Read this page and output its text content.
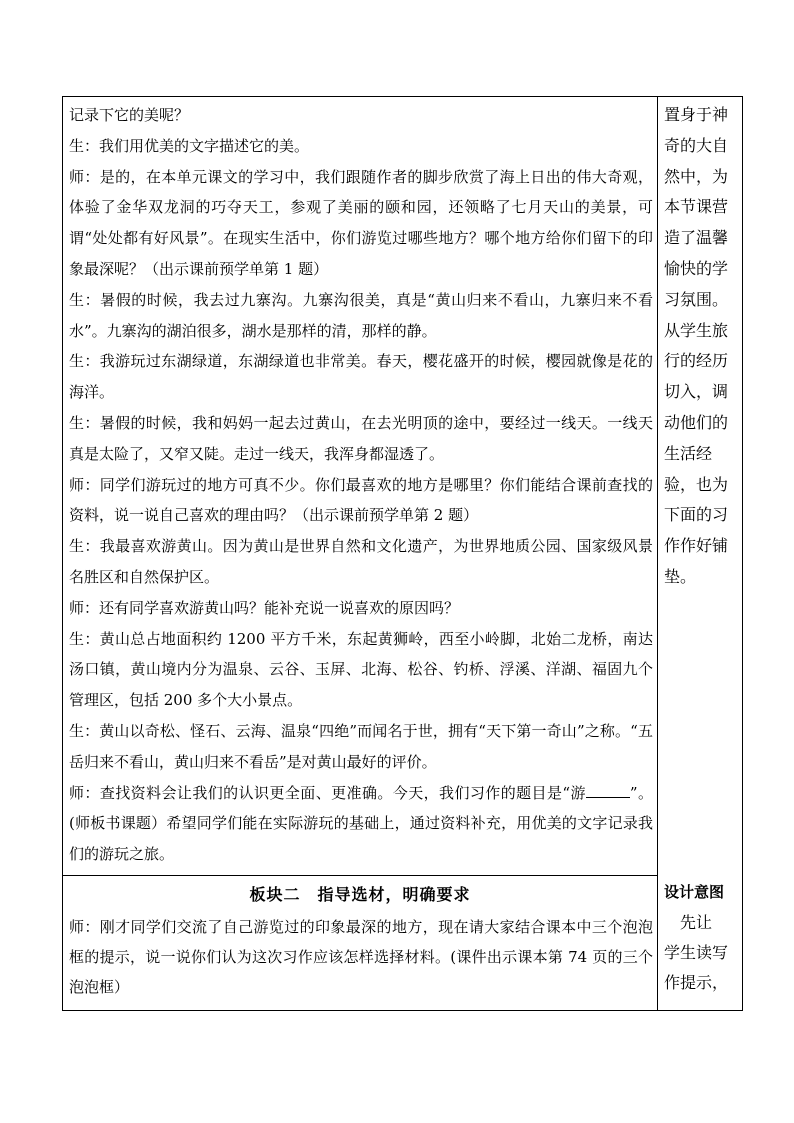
记录下它的美呢？

生：我们用优美的文字描述它的美。

师：是的，在本单元课文的学习中，我们跟随作者的脚步欣赏了海上日出的伟大奇观，体验了金华双龙洞的巧夺天工，参观了美丽的颐和园，还领略了七月天山的美景，可谓“处处都有好风景”。在现实生活中，你们游览过哪些地方？哪个地方给你们留下的印象最深呢？（出示课前预学单第 1 题）

生：暑假的时候，我去过九寨沟。九寨沟很美，真是“黄山归来不看山，九寨归来不看水”。九寨沟的湖泊很多，湖水是那样的清，那样的静。

生：我游玩过东湖绿道，东湖绿道也非常美。春天，樱花盛开的时候，樱园就像是花的海洋。

生：暑假的时候，我和妈妈一起去过黄山，在去光明顶的途中，要经过一线天。一线天真是太险了，又窄又陡。走过一线天，我浑身都湿透了。

师：同学们游玩过的地方可真不少。你们最喜欢的地方是哪里？你们能结合课前查找的资料，说一说自己喜欢的理由吗？（出示课前预学单第 2 题）

生：我最喜欢游黄山。因为黄山是世界自然和文化遗产，为世界地质公园、国家级风景名胜区和自然保护区。

师：还有同学喜欢游黄山吗？能补充说一说喜欢的原因吗？

生：黄山总占地面积约 1200 平方千米，东起黄狮岭，西至小岭脚，北始二龙桥，南达汤口镇，黄山境内分为温泉、云谷、玉屏、北海、松谷、钓桥、浮溪、洋湖、福固九个管理区，包括 200 多个大小景点。

生：黄山以奇松、怪石、云海、温泉“四绝”而闻名于世，拥有“天下第一奇山”之称。“五岳归来不看山，黄山归来不看岳”是对黄山最好的评价。

师：查找资料会让我们的认识更全面、更准确。今天，我们习作的题目是“游	”。(师板书课题）希望同学们能在实际游玩的基础上，通过资料补充，用优美的文字记录我们的游玩之旅。

置身于神

奇的大自

然中，为

本节课营

造了温馨

愉快的学

习氛围。

从学生旅

行的经历

切入，调

动他们的

生活经

验，也为

下面的习

作作好铺

垫。

板块二　指导选材，明确要求	设计意图

师：刚才同学们交流了自己游览过的印象最深的地方，现在请大家结合课本中三个泡泡框的提示，说一说你们认为这次习作应该怎样选择材料。(课件出示课本第 74 页的三个泡泡框）

　先让

学生读写

作提示，
